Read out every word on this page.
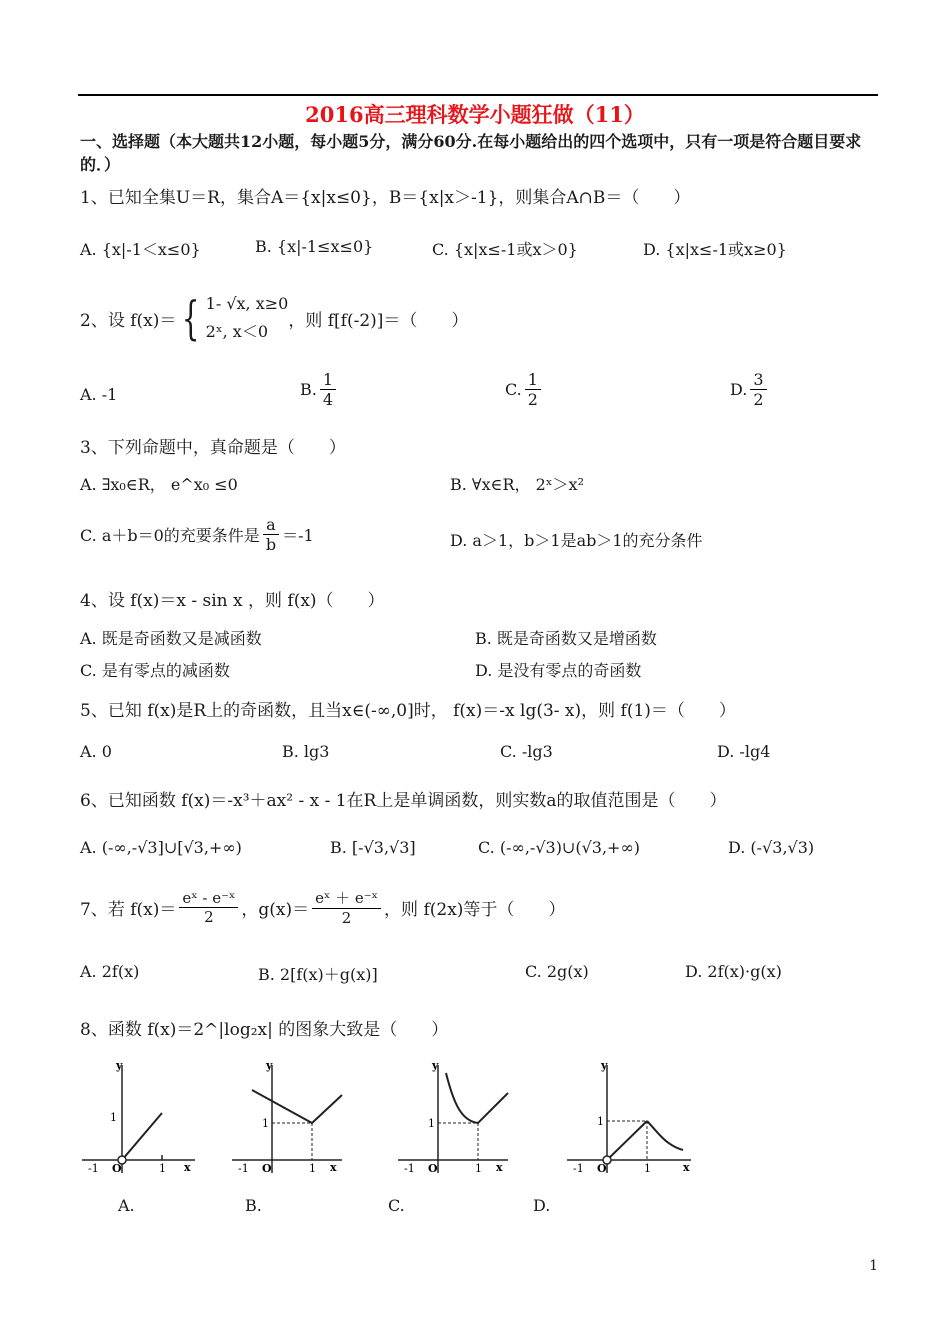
2016高三理科数学小题狂做（11）
一、选择题（本大题共12小题，每小题5分，满分60分.在每小题给出的四个选项中，只有一项是符合题目要求的．）
1、已知全集U＝R，集合A＝{x|x≤0}，B＝{x|x＞-1}，则集合A∩B＝（　　）
A. {x|-1＜x≤0}	B. {x|-1≤x≤0}	C. {x|x≤-1或x＞0}	D. {x|x≤-1或x≥0}
2、设 f(x)＝ { 1- √x, x≥0
2ˣ, x＜0
，则 f[f(-2)]＝（　　）
A. -1	B. $\frac{1}{4}$	C. $\frac{1}{2}$	D. $\frac{3}{2}$
3、下列命题中，真命题是（　　）
A. ∃x₀∈R， e^x₀ ≤0	B. ∀x∈R， 2ˣ＞x²
C. a＋b＝0的充要条件是 $\frac{a}{b} =-1$	D. a＞1，b＞1是ab＞1的充分条件
4、设 f(x)＝x - sin x ，则 f(x)（　　）
A. 既是奇函数又是减函数	B. 既是奇函数又是增函数
C. 是有零点的减函数	D. 是没有零点的奇函数
5、已知 f(x)是R上的奇函数，且当x∈(-∞,0]时， f(x)＝-x lg(3- x)，则 f(1)＝（　　）
A. 0	B. lg3	C. -lg3	D. -lg4
6、已知函数 f(x)＝-x³＋ax² - x - 1在R上是单调函数，则实数a的取值范围是（　　）
A. (-∞,-√3]∪[√3,+∞)	B. [-√3,√3]	C. (-∞,-√3)∪(√3,+∞)	D. (-√3,√3)
7、若 $f(x)= \frac{\text{eˣ - e⁻ˣ}}{2}$ ，$g(x)= \frac{\text{eˣ ＋ e⁻ˣ}}{2}$ ，则 f(2x)等于（　　）
A. 2f(x)	B. 2[f(x)＋g(x)]	C. 2g(x)	D. 2f(x)·g(x)
8、函数 f(x)＝2^|log₂x| 的图象大致是（　　）
y
x
1
1
-1 O
y
x
1
1
-1 O
y
x
1
1
-1 O
y
x
1
1
-1 O
A.	B.	C.	D.
1
